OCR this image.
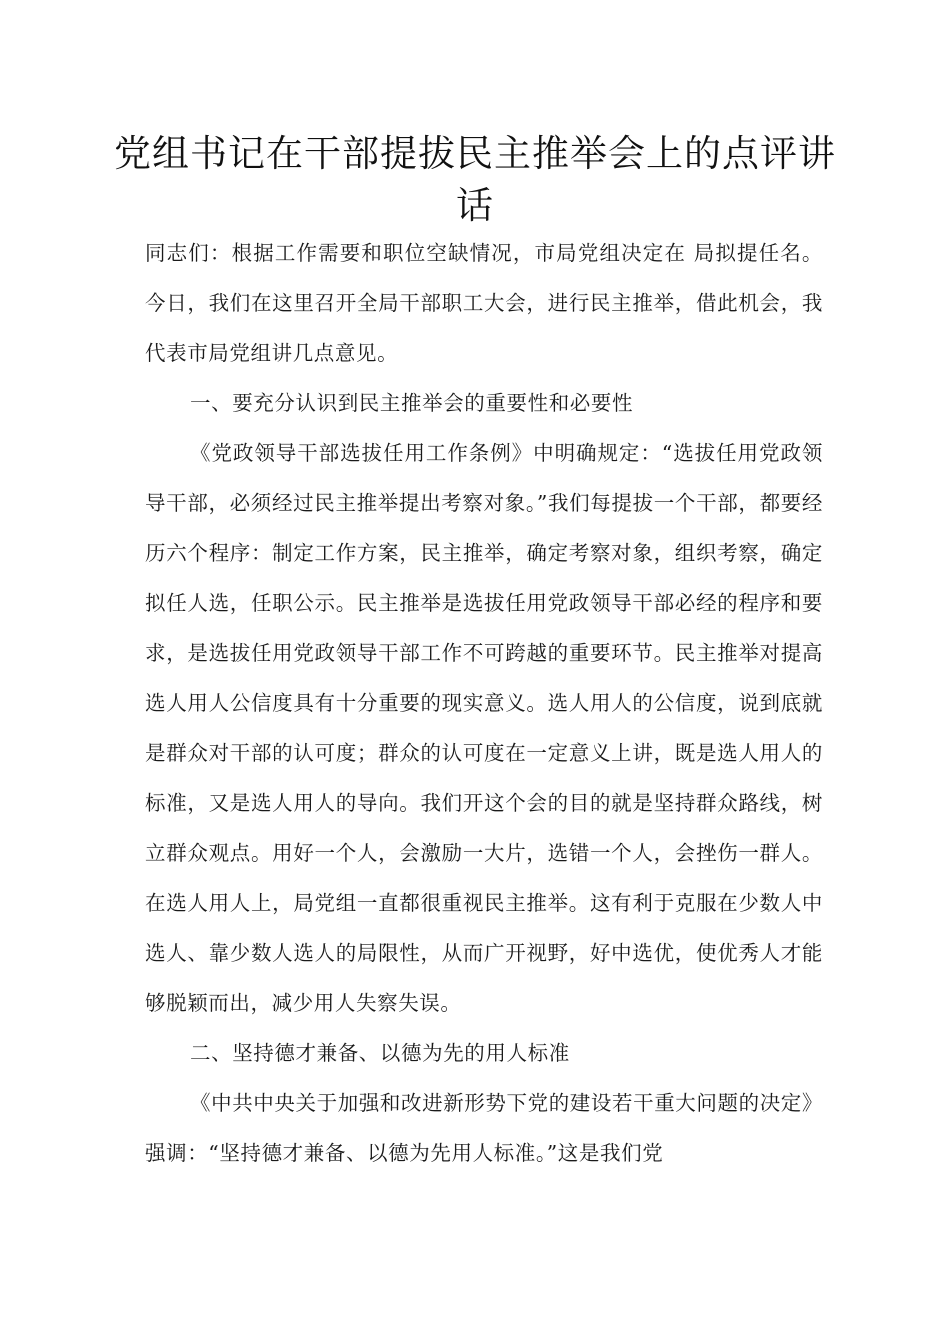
党组书记在干部提拔民主推举会上的点评讲话

同志们：根据工作需要和职位空缺情况，市局党组决定在 局拟提任名。今日，我们在这里召开全局干部职工大会，进行民主推举，借此机会，我代表市局党组讲几点意见。

一、要充分认识到民主推举会的重要性和必要性

《党政领导干部选拔任用工作条例》中明确规定：“选拔任用党政领导干部，必须经过民主推举提出考察对象。”我们每提拔一个干部，都要经历六个程序：制定工作方案，民主推举，确定考察对象，组织考察，确定拟任人选，任职公示。民主推举是选拔任用党政领导干部必经的程序和要求，是选拔任用党政领导干部工作不可跨越的重要环节。民主推举对提高选人用人公信度具有十分重要的现实意义。选人用人的公信度，说到底就是群众对干部的认可度；群众的认可度在一定意义上讲，既是选人用人的标准，又是选人用人的导向。我们开这个会的目的就是坚持群众路线，树立群众观点。用好一个人，会激励一大片，选错一个人，会挫伤一群人。在选人用人上，局党组一直都很重视民主推举。这有利于克服在少数人中选人、靠少数人选人的局限性，从而广开视野，好中选优，使优秀人才能够脱颖而出，减少用人失察失误。

二、坚持德才兼备、以德为先的用人标准

《中共中央关于加强和改进新形势下党的建设若干重大问题的决定》强调：“坚持德才兼备、以德为先用人标准。”这是我们党
